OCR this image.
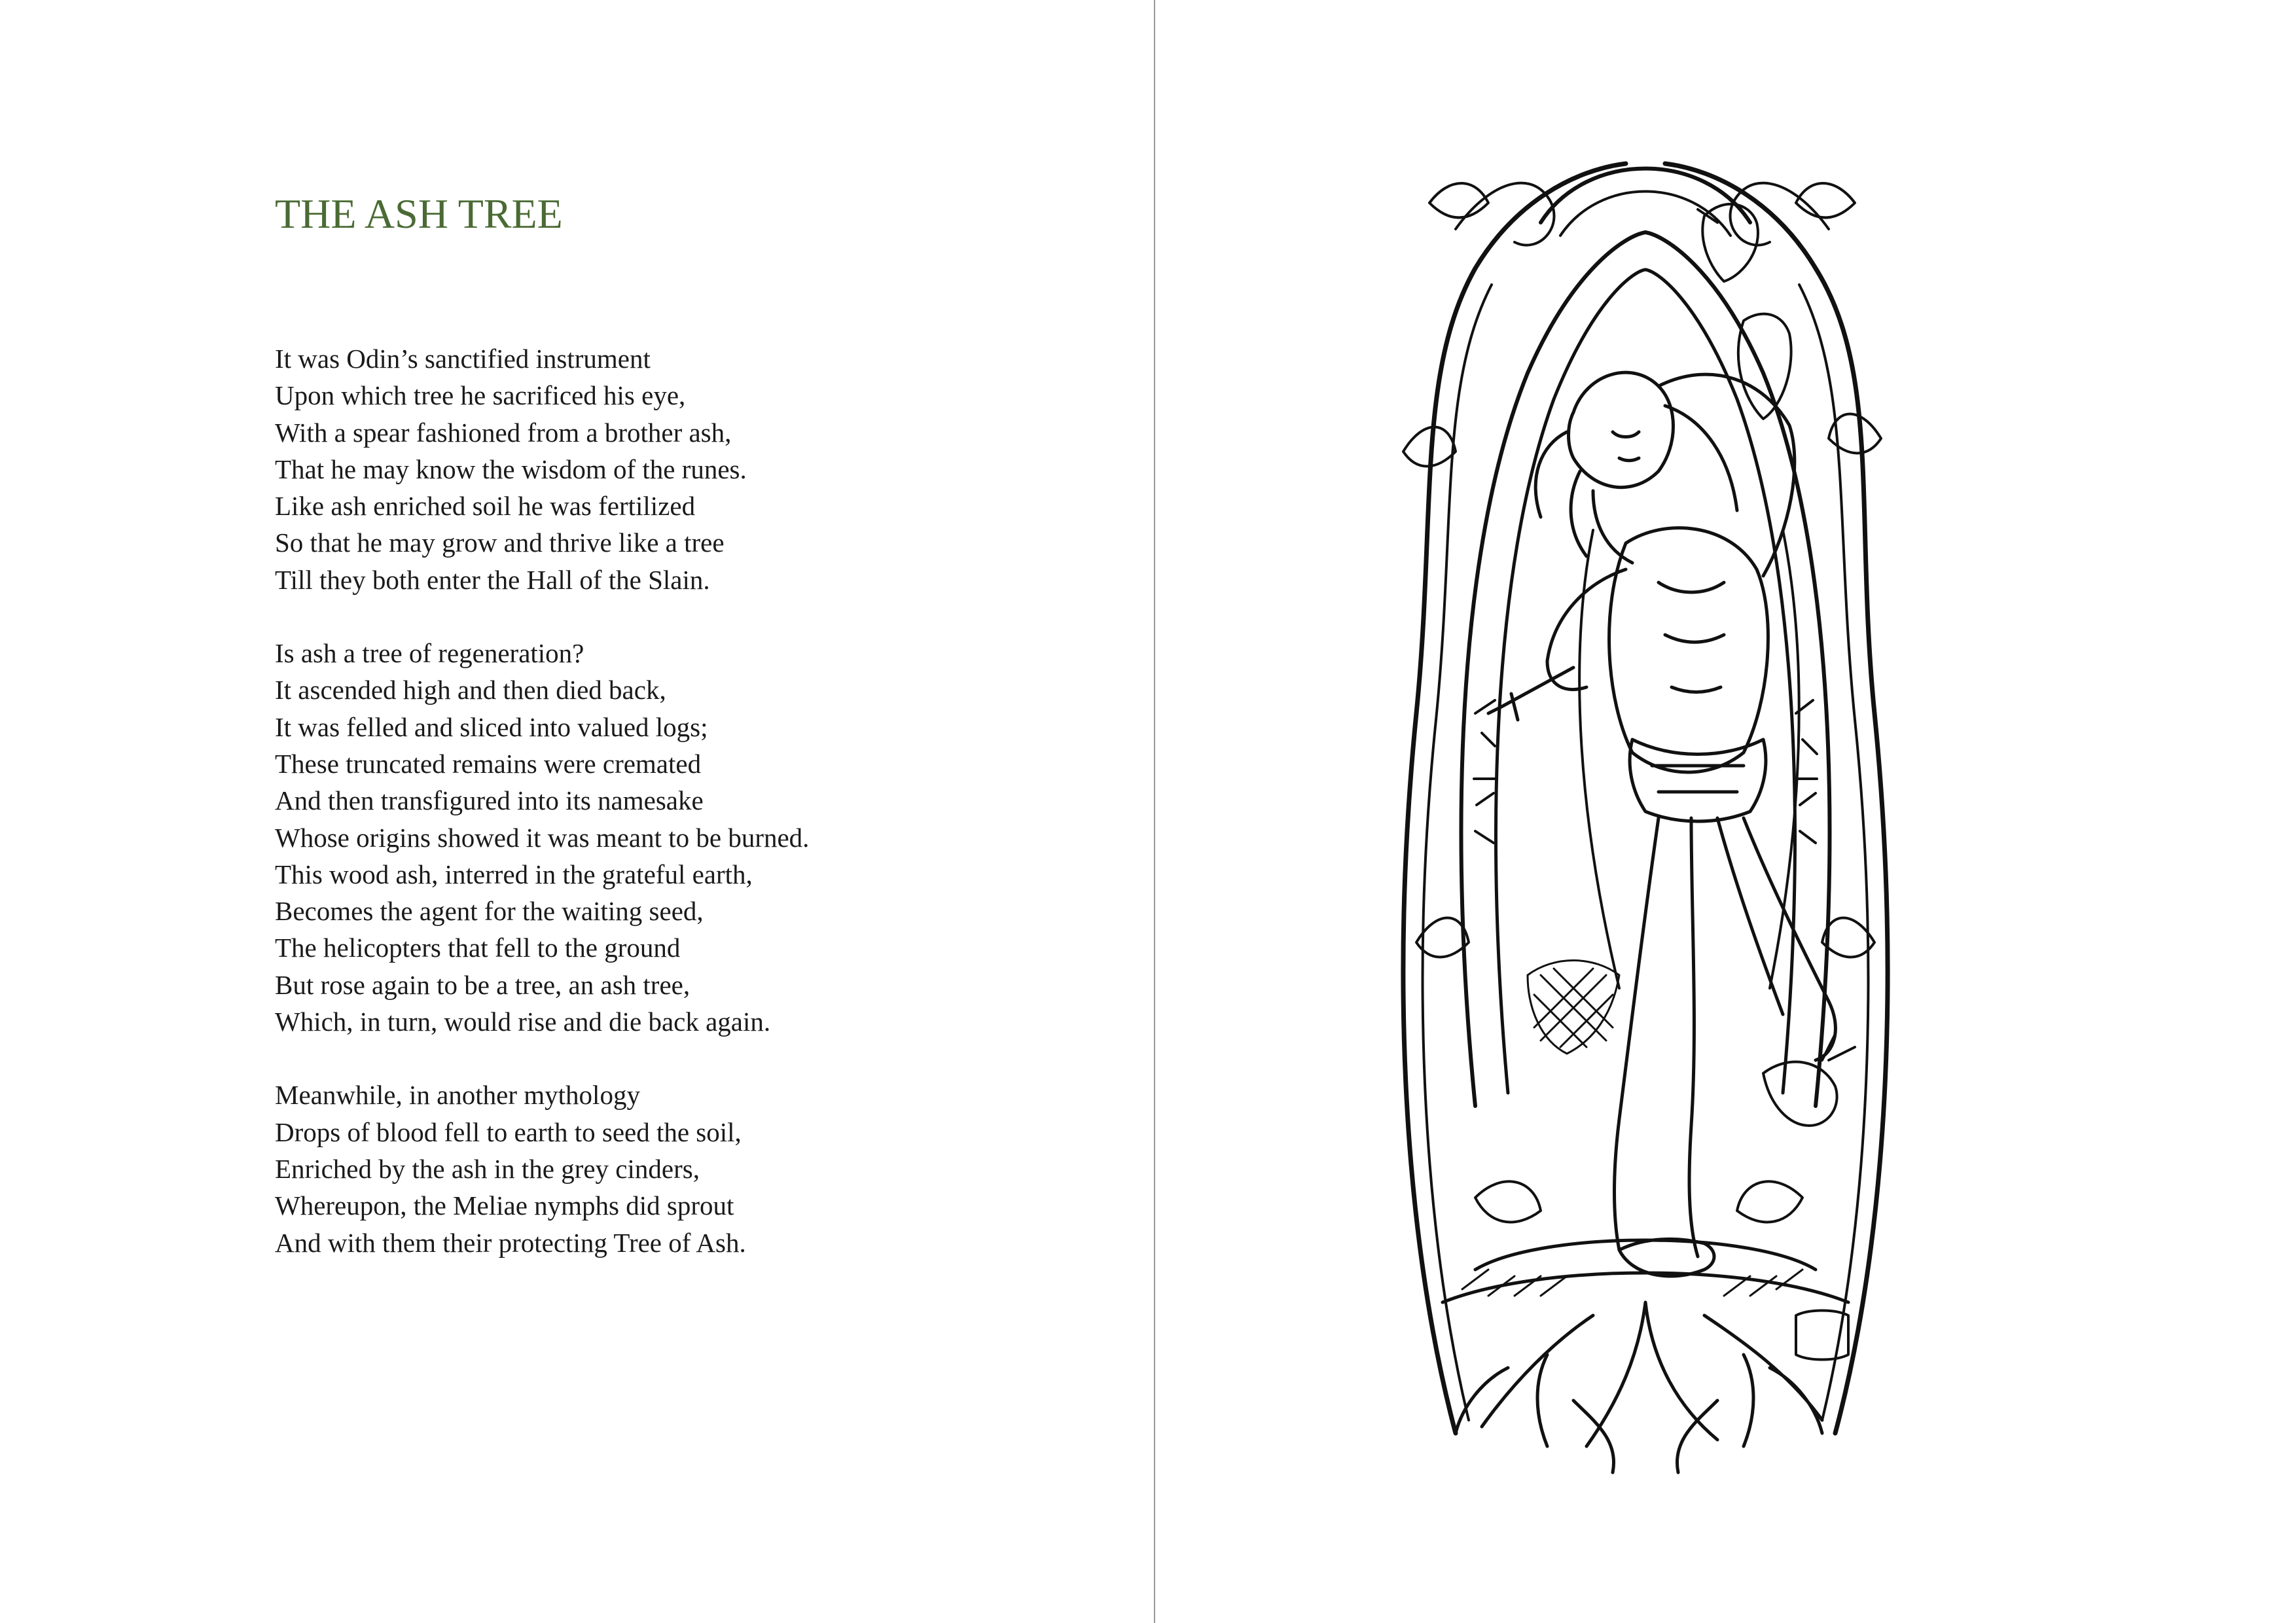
THE ASH TREE
It was Odin’s sanctified instrument
Upon which tree he sacrificed his eye,
With a spear fashioned from a brother ash,
That he may know the wisdom of the runes.
Like ash enriched soil he was fertilized
So that he may grow and thrive like a tree
Till they both enter the Hall of the Slain.
Is ash a tree of regeneration?
It ascended high and then died back,
It was felled and sliced into valued logs;
These truncated remains were cremated
And then transfigured into its namesake
Whose origins showed it was meant to be burned.
This wood ash, interred in the grateful earth,
Becomes the agent for the waiting seed,
The helicopters that fell to the ground
But rose again to be a tree, an ash tree,
Which, in turn, would rise and die back again.
Meanwhile, in another mythology
Drops of blood fell to earth to seed the soil,
Enriched by the ash in the grey cinders,
Whereupon, the Meliae nymphs did sprout
And with them their protecting Tree of Ash.
